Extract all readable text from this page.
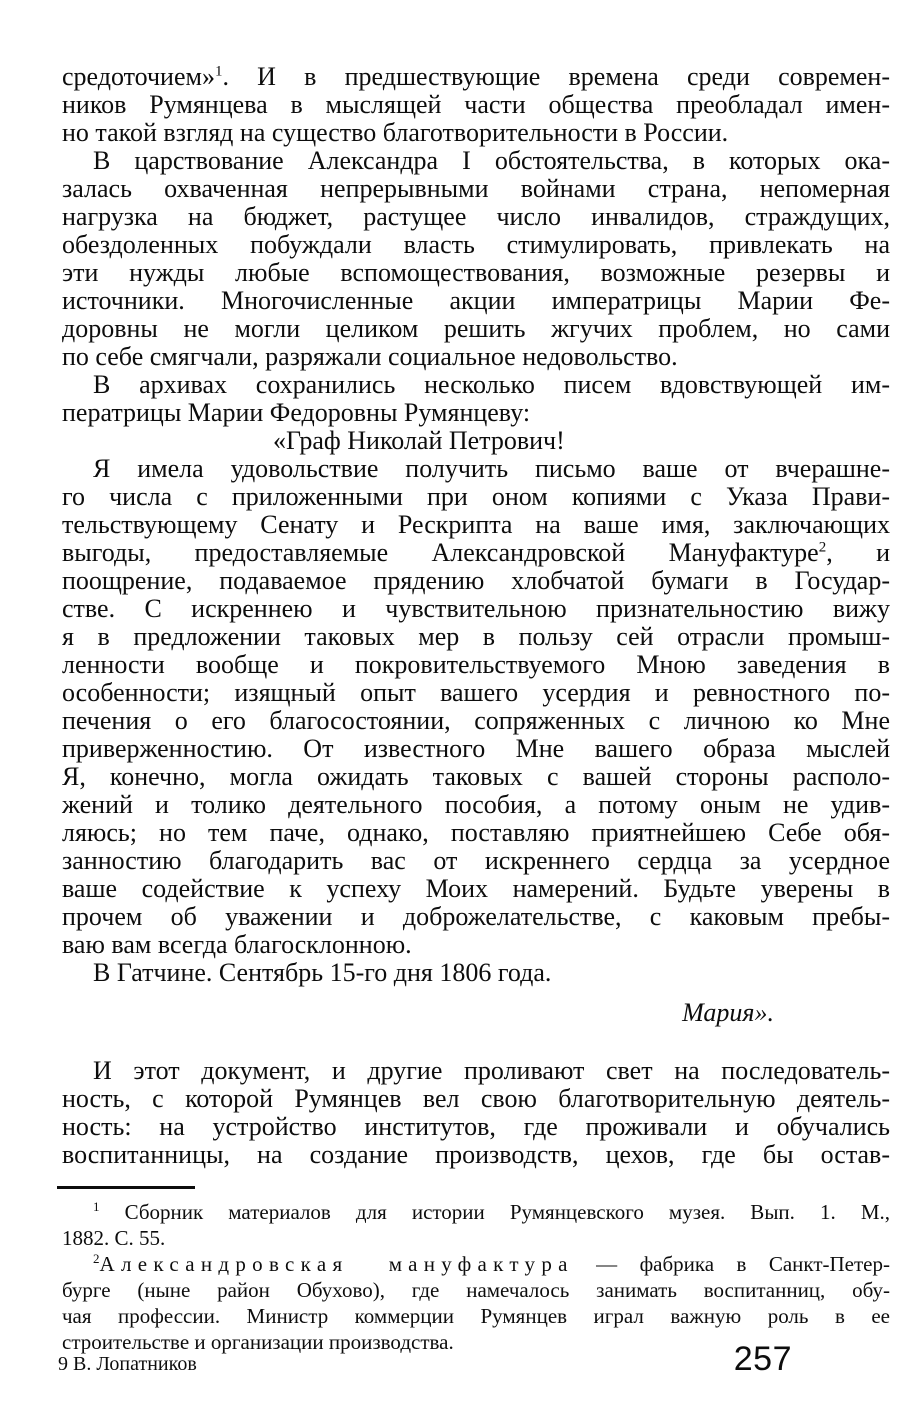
средоточием»$^1$. И в предшествующие времена среди современ-

ников Румянцева в мыслящей части общества преобладал имен-

но такой взгляд на существо благотворительности в России.

В царствование Александра I обстоятельства, в которых ока-

залась охваченная непрерывными войнами страна, непомерная

нагрузка на бюджет, растущее число инвалидов, страждущих,

обездоленных побуждали власть стимулировать, привлекать на

эти нужды любые вспомоществования, возможные резервы и

источники. Многочисленные акции императрицы Марии Фе-

доровны не могли целиком решить жгучих проблем, но сами

по себе смягчали, разряжали социальное недовольство.

В архивах сохранились несколько писем вдовствующей им-

ператрицы Марии Федоровны Румянцеву:

«Граф Николай Петрович!

Я имела удовольствие получить письмо ваше от вчерашне-

го числа с приложенными при оном копиями с Указа Прави-

тельствующему Сенату и Рескрипта на ваше имя, заключающих

выгоды, предоставляемые Александровской Мануфактуре$^2$, и

поощрение, подаваемое прядению хлобчатой бумаги в Государ-

стве. С искреннею и чувствительною признательностию вижу

я в предложении таковых мер в пользу сей отрасли промыш-

ленности вообще и покровительствуемого Мною заведения в

особенности; изящный опыт вашего усердия и ревностного по-

печения о его благосостоянии, сопряженных с личною ко Мне

приверженностию. От известного Мне вашего образа мыслей

Я, конечно, могла ожидать таковых с вашей стороны располо-

жений и толико деятельного пособия, а потому оным не удив-

ляюсь; но тем паче, однако, поставляю приятнейшею Себе обя-

занностию благодарить вас от искреннего сердца за усердное

ваше содействие к успеху Моих намерений. Будьте уверены в

прочем об уважении и доброжелательстве, с каковым пребы-

ваю вам всегда благосклонною.

В Гатчине. Сентябрь 15-го дня 1806 года.

Мария».

И этот документ, и другие проливают свет на последователь-

ность, с которой Румянцев вел свою благотворительную деятель-

ность: на устройство институтов, где проживали и обучались

воспитанницы, на создание производств, цехов, где бы остав-

$^1$ Сборник материалов для истории Румянцевского музея. Вып. 1. М.,

1882. С. 55.

$^2$Александровская мануфактура — фабрика в Санкт-Петер-

бурге (ныне район Обухово), где намечалось занимать воспитанниц, обу-

чая профессии. Министр коммерции Румянцев играл важную роль в ее

строительстве и организации производства.

9 В. Лопатников	257
